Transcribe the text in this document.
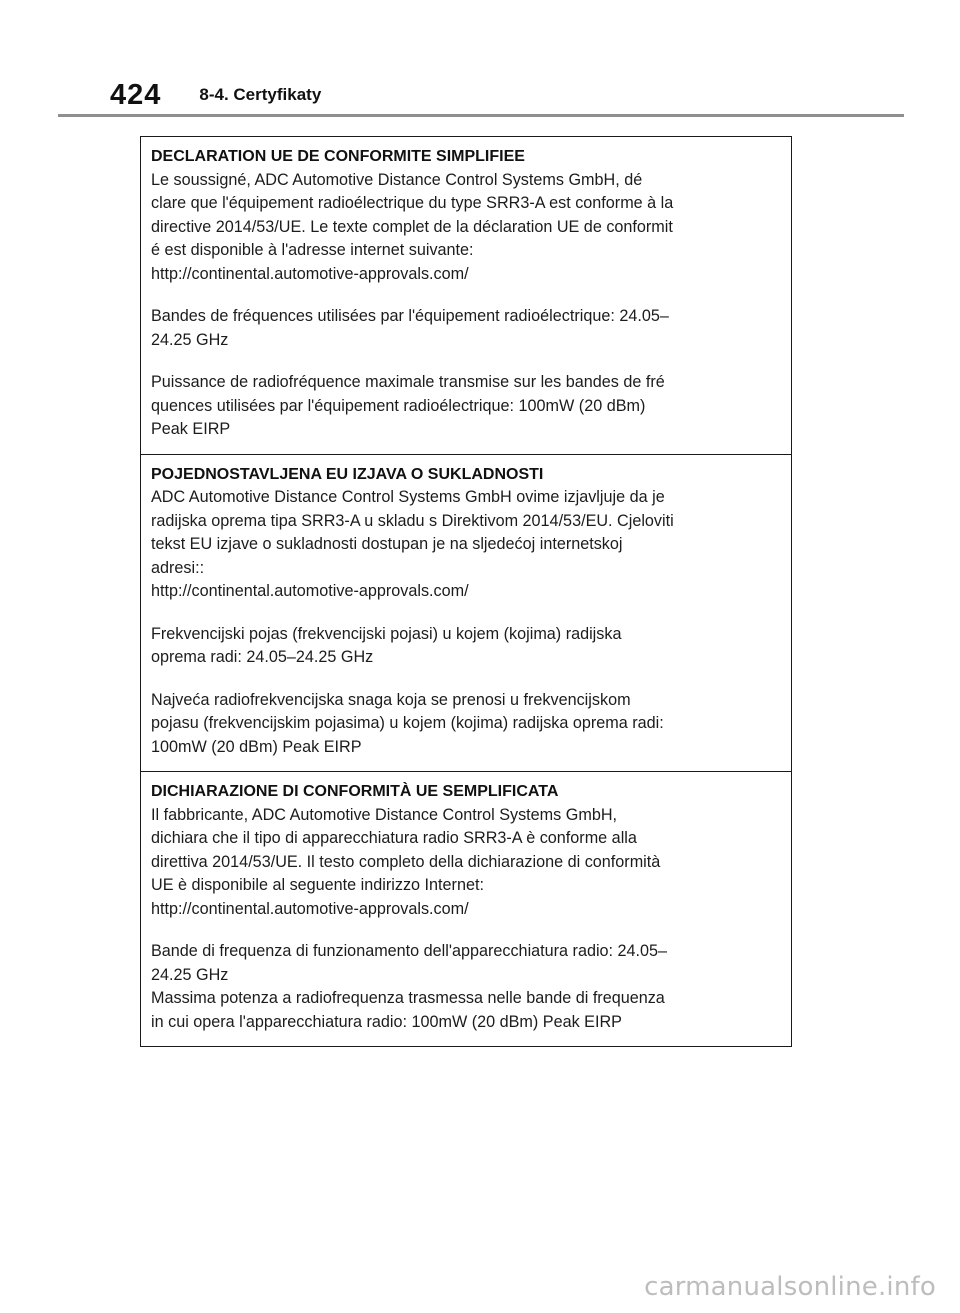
424 8-4. Certyfikaty
DECLARATION UE DE CONFORMITE SIMPLIFIEE
Le soussigné, ADC Automotive Distance Control Systems GmbH, dé
clare que l'équipement radioélectrique du type SRR3-A est conforme à la
directive 2014/53/UE. Le texte complet de la déclaration UE de conformit
é est disponible à l'adresse internet suivante:
http://continental.automotive-approvals.com/
Bandes de fréquences utilisées par l'équipement radioélectrique: 24.05–
24.25 GHz
Puissance de radiofréquence maximale transmise sur les bandes de fré
quences utilisées par l'équipement radioélectrique: 100mW (20 dBm)
Peak EIRP
POJEDNOSTAVLJENA EU IZJAVA O SUKLADNOSTI
ADC Automotive Distance Control Systems GmbH ovime izjavljuje da je
radijska oprema tipa SRR3-A u skladu s Direktivom 2014/53/EU. Cjeloviti
tekst EU izjave o sukladnosti dostupan je na sljedećoj internetskoj
adresi::
http://continental.automotive-approvals.com/
Frekvencijski pojas (frekvencijski pojasi) u kojem (kojima) radijska
oprema radi: 24.05–24.25 GHz
Najveća radiofrekvencijska snaga koja se prenosi u frekvencijskom
pojasu (frekvencijskim pojasima) u kojem (kojima) radijska oprema radi:
100mW (20 dBm) Peak EIRP
DICHIARAZIONE DI CONFORMITÀ UE SEMPLIFICATA
Il fabbricante, ADC Automotive Distance Control Systems GmbH,
dichiara che il tipo di apparecchiatura radio SRR3-A è conforme alla
direttiva 2014/53/UE. Il testo completo della dichiarazione di conformità
UE è disponibile al seguente indirizzo Internet:
http://continental.automotive-approvals.com/
Bande di frequenza di funzionamento dell'apparecchiatura radio: 24.05–
24.25 GHz
Massima potenza a radiofrequenza trasmessa nelle bande di frequenza
in cui opera l'apparecchiatura radio: 100mW (20 dBm) Peak EIRP
carmanualsonline.info
